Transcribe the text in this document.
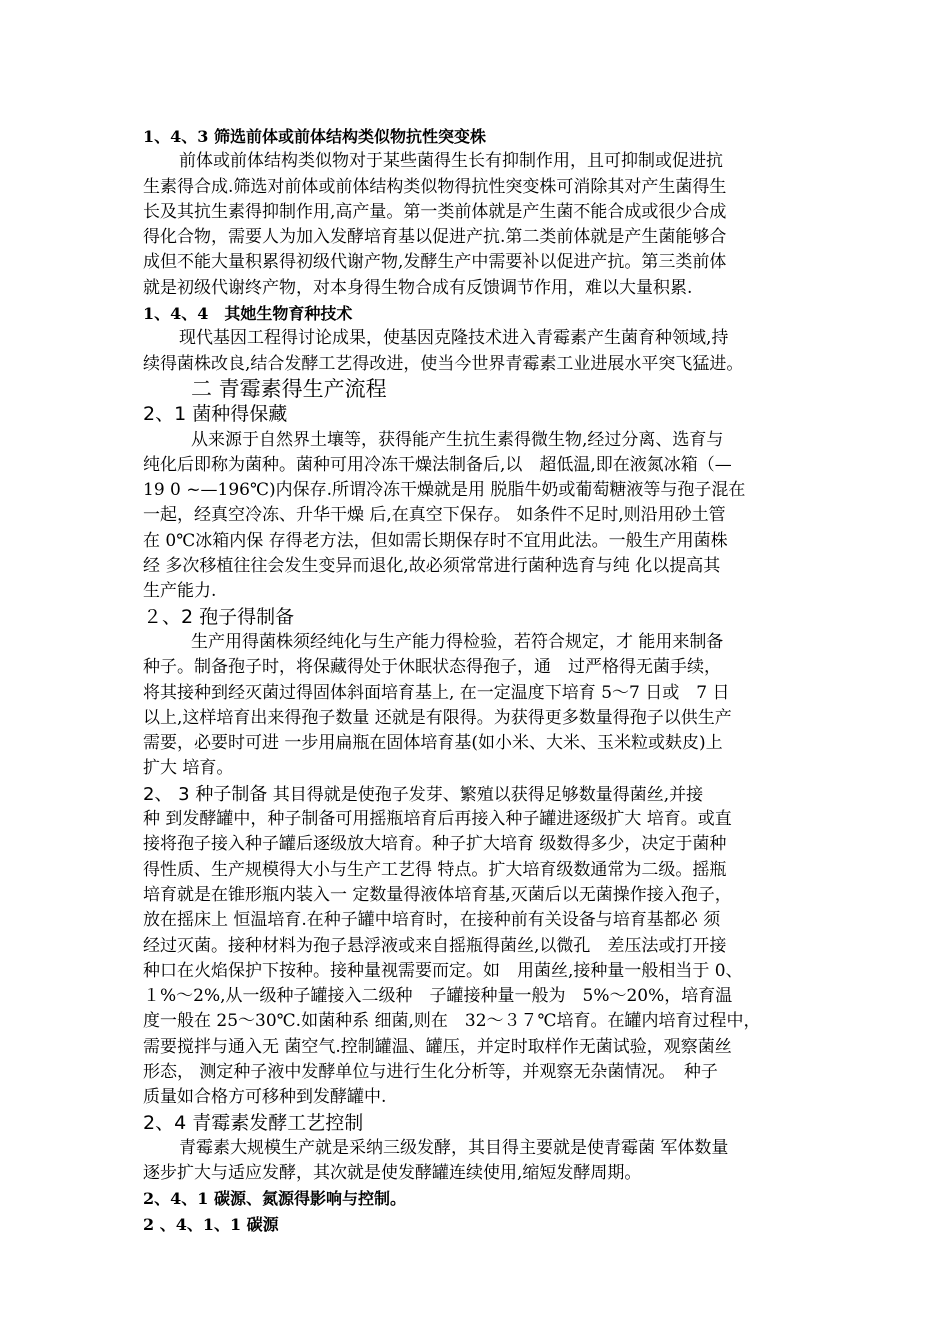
1、4、3 筛选前体或前体结构类似物抗性突变株
前体或前体结构类似物对于某些菌得生长有抑制作用，且可抑制或促进抗
生素得合成.筛选对前体或前体结构类似物得抗性突变株可消除其对产生菌得生
长及其抗生素得抑制作用,高产量。第一类前体就是产生菌不能合成或很少合成
得化合物，需要人为加入发酵培育基以促进产抗.第二类前体就是产生菌能够合
成但不能大量积累得初级代谢产物,发酵生产中需要补以促进产抗。第三类前体
就是初级代谢终产物，对本身得生物合成有反馈调节作用，难以大量积累.
1、4、4　其她生物育种技术
现代基因工程得讨论成果，使基因克隆技术进入青霉素产生菌育种领域,持
续得菌株改良,结合发酵工艺得改进，使当今世界青霉素工业进展水平突飞猛进。
二 青霉素得生产流程
2、1 菌种得保藏
从来源于自然界土壤等，获得能产生抗生素得微生物,经过分离、选育与
纯化后即称为菌种。菌种可用冷冻干燥法制备后,以　超低温,即在液氮冰箱（—
19 0 ~—196℃)内保存.所谓冷冻干燥就是用 脱脂牛奶或葡萄糖液等与孢子混在
一起，经真空冷冻、升华干燥 后,在真空下保存。 如条件不足时,则沿用砂土管
在 0℃冰箱内保 存得老方法，但如需长期保存时不宜用此法。一般生产用菌株
经 多次移植往往会发生变异而退化,故必须常常进行菌种选育与纯 化以提高其
生产能力.
２、2 孢子得制备
生产用得菌株须经纯化与生产能力得检验，若符合规定，才 能用来制备
种子。制备孢子时，将保藏得处于休眠状态得孢子，通　过严格得无菌手续，
将其接种到经灭菌过得固体斜面培育基上, 在一定温度下培育 5～7 日或　7 日
以上,这样培育出来得孢子数量 还就是有限得。为获得更多数量得孢子以供生产
需要，必要时可进 一步用扁瓶在固体培育基(如小米、大米、玉米粒或麸皮)上
扩大 培育。
2、 3 种子制备 其目得就是使孢子发芽、繁殖以获得足够数量得菌丝,并接
种 到发酵罐中，种子制备可用摇瓶培育后再接入种子罐进逐级扩大 培育。或直
接将孢子接入种子罐后逐级放大培育。种子扩大培育 级数得多少，决定于菌种
得性质、生产规模得大小与生产工艺得 特点。扩大培育级数通常为二级。摇瓶
培育就是在锥形瓶内装入一 定数量得液体培育基,灭菌后以无菌操作接入孢子，
放在摇床上 恒温培育.在种子罐中培育时，在接种前有关设备与培育基都必 须
经过灭菌。接种材料为孢子悬浮液或来自摇瓶得菌丝,以微孔　差压法或打开接
种口在火焰保护下按种。接种量视需要而定。如　用菌丝,接种量一般相当于 0、
１%～2%,从一级种子罐接入二级种　子罐接种量一般为　5%～20%，培育温
度一般在 25～30℃.如菌种系 细菌,则在　32～３７℃培育。在罐内培育过程中，
需要搅拌与通入无 菌空气.控制罐温、罐压，并定时取样作无菌试验，观察菌丝
形态， 测定种子液中发酵单位与进行生化分析等，并观察无杂菌情况。　种子
质量如合格方可移种到发酵罐中.
2、4 青霉素发酵工艺控制
青霉素大规模生产就是采纳三级发酵，其目得主要就是使青霉菌 军体数量
逐步扩大与适应发酵，其次就是使发酵罐连续使用,缩短发酵周期。
2、4、1 碳源、氮源得影响与控制。
2 、4、1、1 碳源
